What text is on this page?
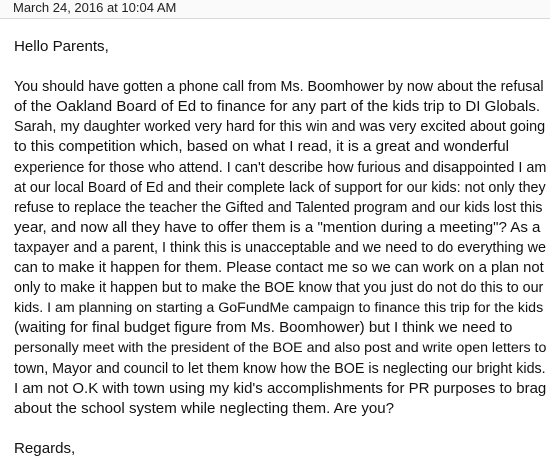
March 24, 2016 at 10:04 AM
Hello Parents,
You should have gotten a phone call from Ms. Boomhower by now about the refusal
of the Oakland Board of Ed to finance for any part of the kids trip to DI Globals.
Sarah, my daughter worked very hard for this win and was very excited about going
to this competition which, based on what I read, it is a great and wonderful
experience for those who attend. I can't describe how furious and disappointed I am
at our local Board of Ed and their complete lack of support for our kids: not only they
refuse to replace the teacher the Gifted and Talented program and our kids lost this
year, and now all they have to offer them is a "mention during a meeting"? As a
taxpayer and a parent, I think this is unacceptable and we need to do everything we
can to make it happen for them. Please contact me so we can work on a plan not
only to make it happen but to make the BOE know that you just do not do this to our
kids. I am planning on starting a GoFundMe campaign to finance this trip for the kids
(waiting for final budget figure from Ms. Boomhower) but I think we need to
personally meet with the president of the BOE and also post and write open letters to
town, Mayor and council to let them know how the BOE is neglecting our bright kids.
I am not O.K with town using my kid's accomplishments for PR purposes to brag
about the school system while neglecting them. Are you?
Regards,
